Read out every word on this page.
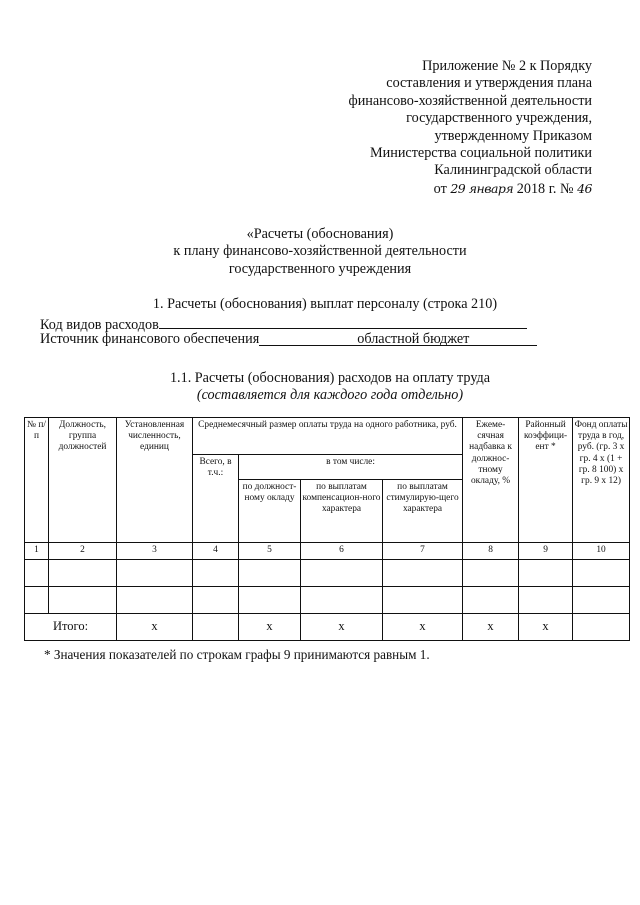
Приложение № 2 к Порядку
составления и утверждения плана
финансово-хозяйственной деятельности
государственного учреждения,
утвержденному Приказом
Министерства социальной политики
Калининградской области
от 29 января 2018 г. № 46
«Расчеты (обоснования)
к плану финансово-хозяйственной деятельности
государственного учреждения
1. Расчеты (обоснования) выплат персоналу (строка 210)
Код видов расходов
Источник финансового обеспечения	областной бюджет
1.1. Расчеты (обоснования) расходов на оплату труда
(составляется для каждого года отдельно)
№ п/п	Должность, группа должностей	Установленная численность, единиц	Среднемесячный размер оплаты труда на одного работника, руб.				Ежеме-сячная надбавка к должнос-тному окладу, %	Районный коэффици-ент *	Фонд оплаты труда в год, руб. (гр. 3 х гр. 4 х (1 + гр. 8 100) х гр. 9 х 12)
			Всего, в т.ч.:	в том числе:					
				по должност-ному окладу	по выплатам компенсацион-ного характера	по выплатам стимулирую-щего характера			
1	2	3	4	5	6	7	8	9	10

Итого:		х		х	х	х	х	х	
* Значения показателей по строкам графы 9 принимаются равным 1.
